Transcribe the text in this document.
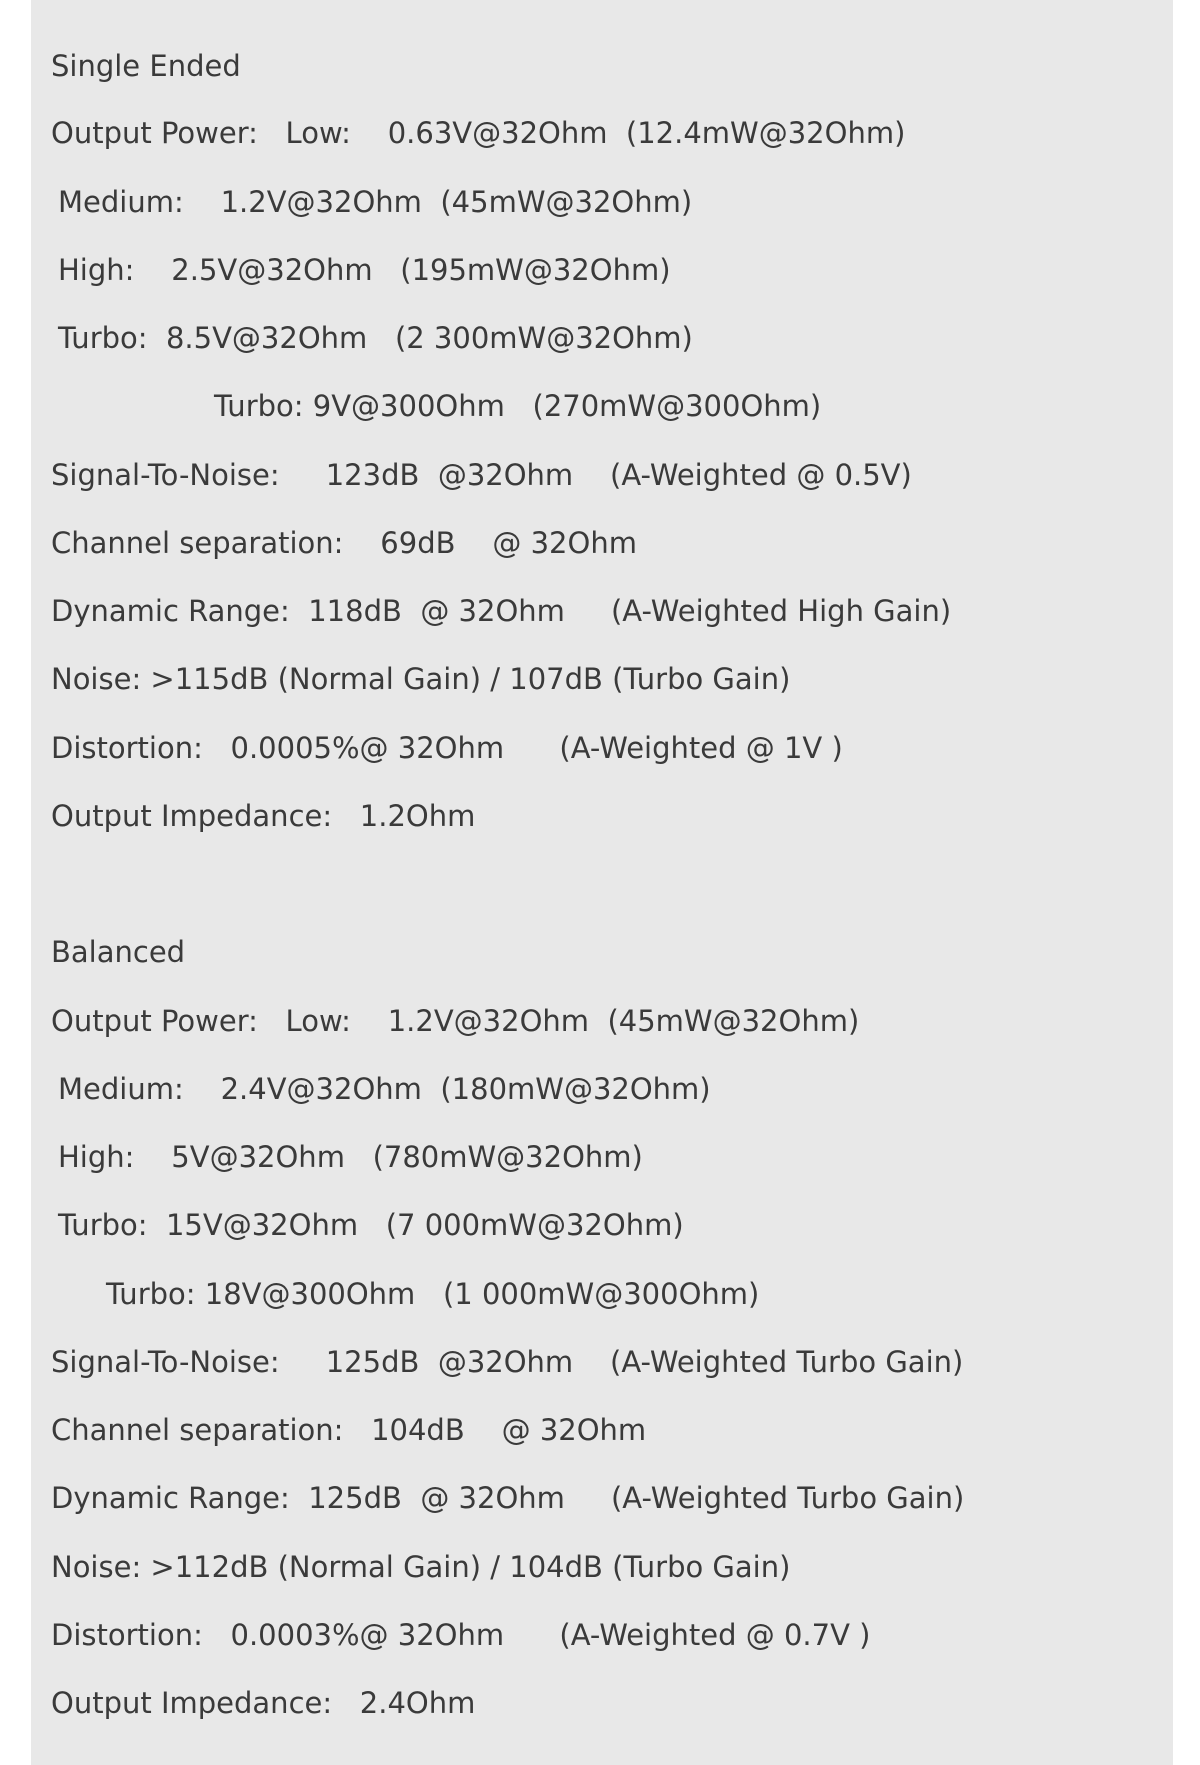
Single Ended
Output Power:   Low:    0.63V@32Ohm  (12.4mW@32Ohm)
Medium:    1.2V@32Ohm  (45mW@32Ohm)
High:    2.5V@32Ohm   (195mW@32Ohm)
Turbo:  8.5V@32Ohm   (2 300mW@32Ohm)
Turbo: 9V@300Ohm   (270mW@300Ohm)
Signal-To-Noise:     123dB  @32Ohm    (A-Weighted @ 0.5V)
Channel separation:    69dB    @ 32Ohm
Dynamic Range:  118dB  @ 32Ohm     (A-Weighted High Gain)
Noise: >115dB (Normal Gain) / 107dB (Turbo Gain)
Distortion:   0.0005%@ 32Ohm      (A-Weighted @ 1V )
Output Impedance:   1.2Ohm
Balanced
Output Power:   Low:    1.2V@32Ohm  (45mW@32Ohm)
Medium:    2.4V@32Ohm  (180mW@32Ohm)
High:    5V@32Ohm   (780mW@32Ohm)
Turbo:  15V@32Ohm   (7 000mW@32Ohm)
Turbo: 18V@300Ohm   (1 000mW@300Ohm)
Signal-To-Noise:     125dB  @32Ohm    (A-Weighted Turbo Gain)
Channel separation:   104dB    @ 32Ohm
Dynamic Range:  125dB  @ 32Ohm     (A-Weighted Turbo Gain)
Noise: >112dB (Normal Gain) / 104dB (Turbo Gain)
Distortion:   0.0003%@ 32Ohm      (A-Weighted @ 0.7V )
Output Impedance:   2.4Ohm
